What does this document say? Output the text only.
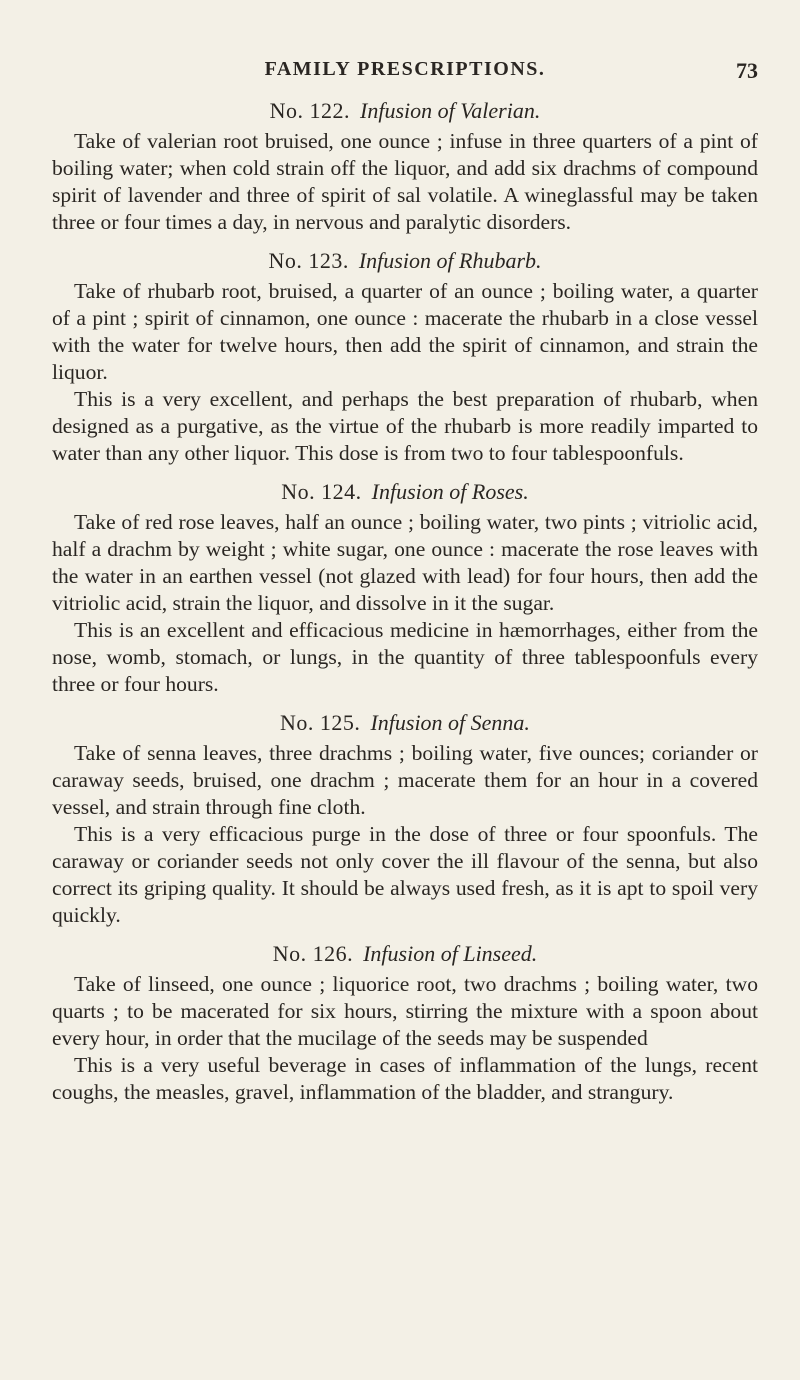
FAMILY PRESCRIPTIONS.	73
No. 122. Infusion of Valerian.

Take of valerian root bruised, one ounce ; infuse in three quarters of a pint of boiling water; when cold strain off the liquor, and add six drachms of compound spirit of lavender and three of spirit of sal volatile. A wineglassful may be taken three or four times a day, in nervous and paralytic disorders.

No. 123. Infusion of Rhubarb.

Take of rhubarb root, bruised, a quarter of an ounce ; boiling water, a quarter of a pint ; spirit of cinnamon, one ounce : macerate the rhubarb in a close vessel with the water for twelve hours, then add the spirit of cinnamon, and strain the liquor.

This is a very excellent, and perhaps the best preparation of rhubarb, when designed as a purgative, as the virtue of the rhubarb is more readily imparted to water than any other liquor. This dose is from two to four tablespoonfuls.

No. 124. Infusion of Roses.

Take of red rose leaves, half an ounce ; boiling water, two pints ; vitriolic acid, half a drachm by weight ; white sugar, one ounce : macerate the rose leaves with the water in an earthen vessel (not glazed with lead) for four hours, then add the vitriolic acid, strain the liquor, and dissolve in it the sugar.

This is an excellent and efficacious medicine in hæmorrhages, either from the nose, womb, stomach, or lungs, in the quantity of three tablespoonfuls every three or four hours.

No. 125. Infusion of Senna.

Take of senna leaves, three drachms ; boiling water, five ounces; coriander or caraway seeds, bruised, one drachm ; macerate them for an hour in a covered vessel, and strain through fine cloth.

This is a very efficacious purge in the dose of three or four spoonfuls. The caraway or coriander seeds not only cover the ill flavour of the senna, but also correct its griping quality. It should be always used fresh, as it is apt to spoil very quickly.

No. 126. Infusion of Linseed.

Take of linseed, one ounce ; liquorice root, two drachms ; boiling water, two quarts ; to be macerated for six hours, stirring the mixture with a spoon about every hour, in order that the mucilage of the seeds may be suspended

This is a very useful beverage in cases of inflammation of the lungs, recent coughs, the measles, gravel, inflammation of the bladder, and strangury.
